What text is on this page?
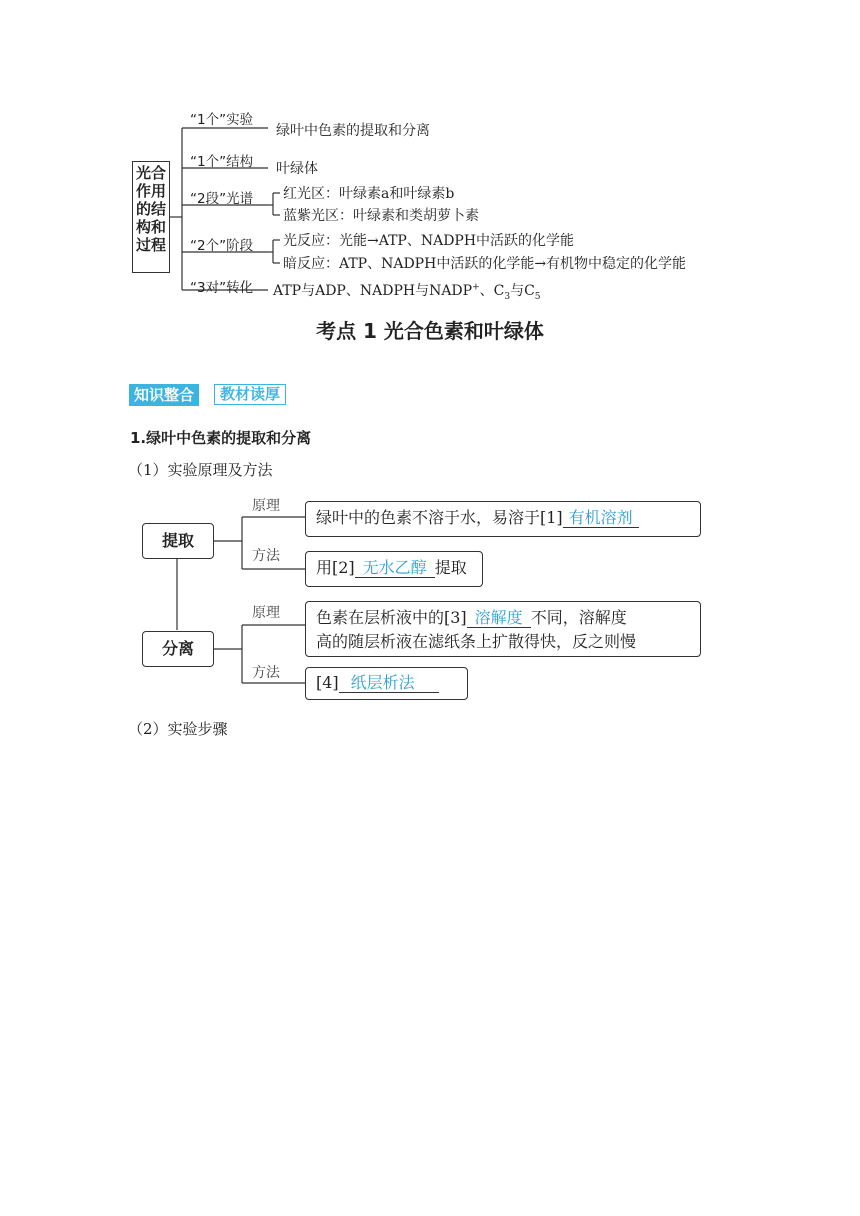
光合
作用
的结
构和
过程
“1个”实验
绿叶中色素的提取和分离
“1个”结构 叶绿体
“2段”光谱 红光区：叶绿素a和叶绿素b
蓝紫光区：叶绿素和类胡萝卜素
“2个”阶段 光反应：光能→ATP、NADPH中活跃的化学能
暗反应：ATP、NADPH中活跃的化学能→有机物中稳定的化学能
“3对”转化 ATP与ADP、NADPH与NADP+、$C_3$与$C_5$
考点 1 光合色素和叶绿体
知识整合	教材读厚
1.绿叶中色素的提取和分离
（1）实验原理及方法
提取
分离
原理
方法
原理
方法
绿叶中的色素不溶于水，易溶于[1] 有机溶剂
用[2] 无水乙醇 提取
色素在层析液中的[3] 溶解度 不同，溶解度
高的随层析液在滤纸条上扩散得快，反之则慢
[4] 纸层析法
（2）实验步骤
